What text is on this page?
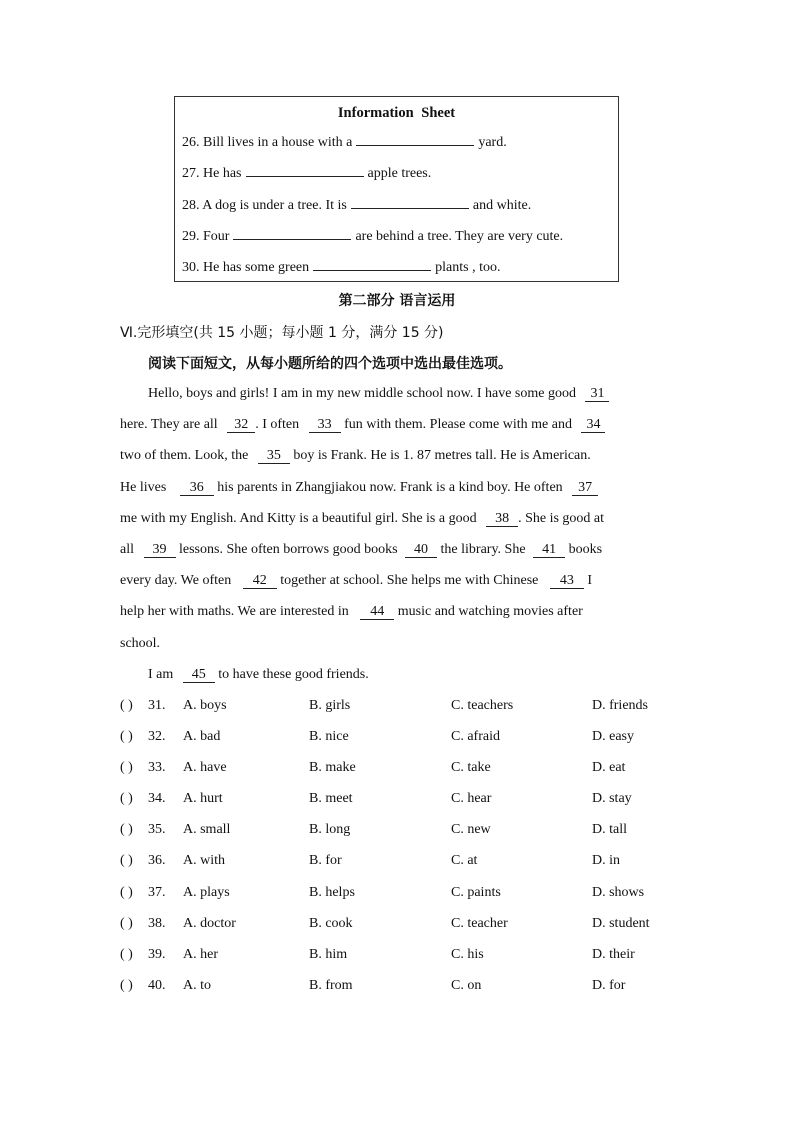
Information Sheet
26. Bill lives in a house with a	yard.
27. He has	apple trees.
28. A dog is under a tree. It is	and white.
29. Four	are behind a tree. They are very cute.
30. He has some green	plants , too.
第二部分 语言运用
Ⅵ.完形填空(共 15 小题；每小题 1 分，满分 15 分)
阅读下面短文，从每小题所给的四个选项中选出最佳选项。
Hello, boys and girls! I am in my new middle school now. I have some good 31
here. They are all 32 . I often 33 fun with them. Please come with me and 34
two of them. Look, the 35 boy is Frank. He is 1. 87 metres tall. He is American.
He lives 36 his parents in Zhangjiakou now. Frank is a kind boy. He often 37
me with my English. And Kitty is a beautiful girl. She is a good 38 . She is good at
all 39 lessons. She often borrows good books 40 the library. She 41 books
every day. We often 42 together at school. She helps me with Chinese 43 I
help her with maths. We are interested in 44 music and watching movies after
school.
I am 45 to have these good friends.
( ) 31. A. boys	B. girls	C. teachers	D. friends
( ) 32. A. bad	B. nice	C. afraid	D. easy
( ) 33. A. have	B. make	C. take	D. eat
( ) 34. A. hurt	B. meet	C. hear	D. stay
( ) 35. A. small	B. long	C. new	D. tall
( ) 36. A. with	B. for	C. at	D. in
( ) 37. A. plays	B. helps	C. paints	D. shows
( ) 38. A. doctor	B. cook	C. teacher	D. student
( ) 39. A. her	B. him	C. his	D. their
( ) 40. A. to	B. from	C. on	D. for
